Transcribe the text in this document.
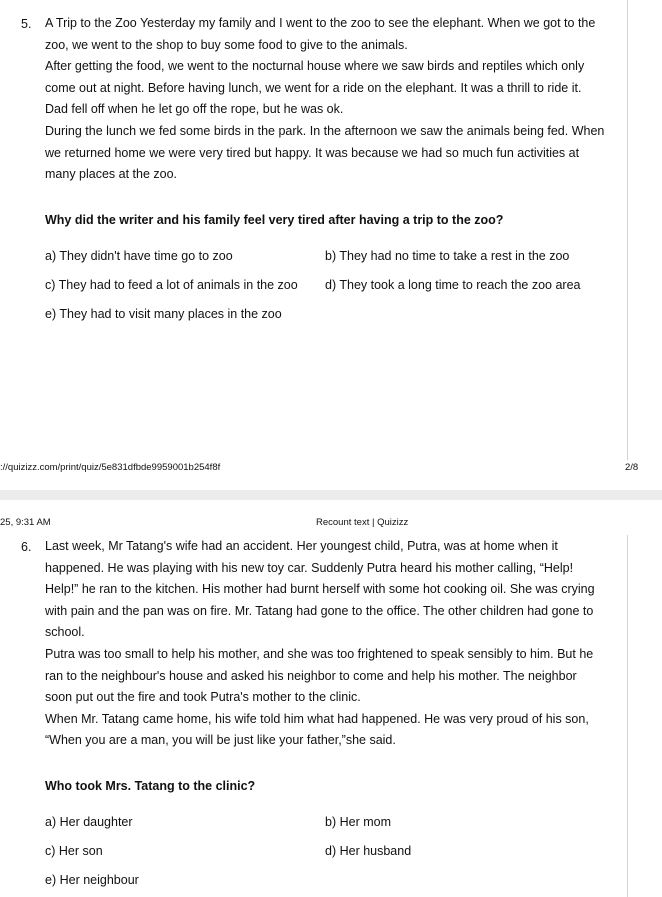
5. A Trip to the Zoo Yesterday my family and I went to the zoo to see the elephant. When we got to the zoo, we went to the shop to buy some food to give to the animals.

After getting the food, we went to the nocturnal house where we saw birds and reptiles which only come out at night. Before having lunch, we went for a ride on the elephant. It was a thrill to ride it. Dad fell off when he let go off the rope, but he was ok.

During the lunch we fed some birds in the park. In the afternoon we saw the animals being fed. When we returned home we were very tired but happy. It was because we had so much fun activities at many places at the zoo.

Why did the writer and his family feel very tired after having a trip to the zoo?
a) They didn't have time go to zoo	b) They had no time to take a rest in the zoo
c) They had to feed a lot of animals in the zoo d) They took a long time to reach the zoo area
e) They had to visit many places in the zoo
://quizizz.com/print/quiz/5e831dfbde9959001b254f8f	2/8
25, 9:31 AM	Recount text | Quizizz
6. Last week, Mr Tatang's wife had an accident. Her youngest child, Putra, was at home when it happened. He was playing with his new toy car. Suddenly Putra heard his mother calling, “Help! Help!” he ran to the kitchen. His mother had burnt herself with some hot cooking oil. She was crying with pain and the pan was on fire. Mr. Tatang had gone to the office. The other children had gone to school.

Putra was too small to help his mother, and she was too frightened to speak sensibly to him. But he ran to the neighbour's house and asked his neighbor to come and help his mother. The neighbor soon put out the fire and took Putra's mother to the clinic.

When Mr. Tatang came home, his wife told him what had happened. He was very proud of his son, “When you are a man, you will be just like your father,”she said.

Who took Mrs. Tatang to the clinic?
a) Her daughter	b) Her mom
c) Her son	d) Her husband
e) Her neighbour
